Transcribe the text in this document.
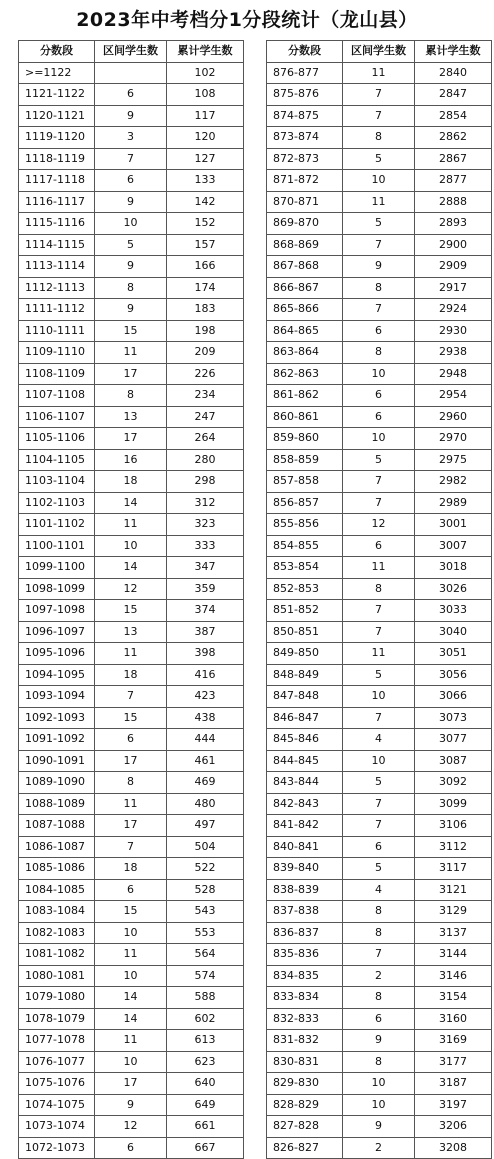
2023年中考档分1分段统计（龙山县）
分数段	区间学生数	累计学生数
>=1122		102
1121-1122	6	108
1120-1121	9	117
1119-1120	3	120
1118-1119	7	127
1117-1118	6	133
1116-1117	9	142
1115-1116	10	152
1114-1115	5	157
1113-1114	9	166
1112-1113	8	174
1111-1112	9	183
1110-1111	15	198
1109-1110	11	209
1108-1109	17	226
1107-1108	8	234
1106-1107	13	247
1105-1106	17	264
1104-1105	16	280
1103-1104	18	298
1102-1103	14	312
1101-1102	11	323
1100-1101	10	333
1099-1100	14	347
1098-1099	12	359
1097-1098	15	374
1096-1097	13	387
1095-1096	11	398
1094-1095	18	416
1093-1094	7	423
1092-1093	15	438
1091-1092	6	444
1090-1091	17	461
1089-1090	8	469
1088-1089	11	480
1087-1088	17	497
1086-1087	7	504
1085-1086	18	522
1084-1085	6	528
1083-1084	15	543
1082-1083	10	553
1081-1082	11	564
1080-1081	10	574
1079-1080	14	588
1078-1079	14	602
1077-1078	11	613
1076-1077	10	623
1075-1076	17	640
1074-1075	9	649
1073-1074	12	661
1072-1073	6	667
分数段	区间学生数	累计学生数
876-877	11	2840
875-876	7	2847
874-875	7	2854
873-874	8	2862
872-873	5	2867
871-872	10	2877
870-871	11	2888
869-870	5	2893
868-869	7	2900
867-868	9	2909
866-867	8	2917
865-866	7	2924
864-865	6	2930
863-864	8	2938
862-863	10	2948
861-862	6	2954
860-861	6	2960
859-860	10	2970
858-859	5	2975
857-858	7	2982
856-857	7	2989
855-856	12	3001
854-855	6	3007
853-854	11	3018
852-853	8	3026
851-852	7	3033
850-851	7	3040
849-850	11	3051
848-849	5	3056
847-848	10	3066
846-847	7	3073
845-846	4	3077
844-845	10	3087
843-844	5	3092
842-843	7	3099
841-842	7	3106
840-841	6	3112
839-840	5	3117
838-839	4	3121
837-838	8	3129
836-837	8	3137
835-836	7	3144
834-835	2	3146
833-834	8	3154
832-833	6	3160
831-832	9	3169
830-831	8	3177
829-830	10	3187
828-829	10	3197
827-828	9	3206
826-827	2	3208
